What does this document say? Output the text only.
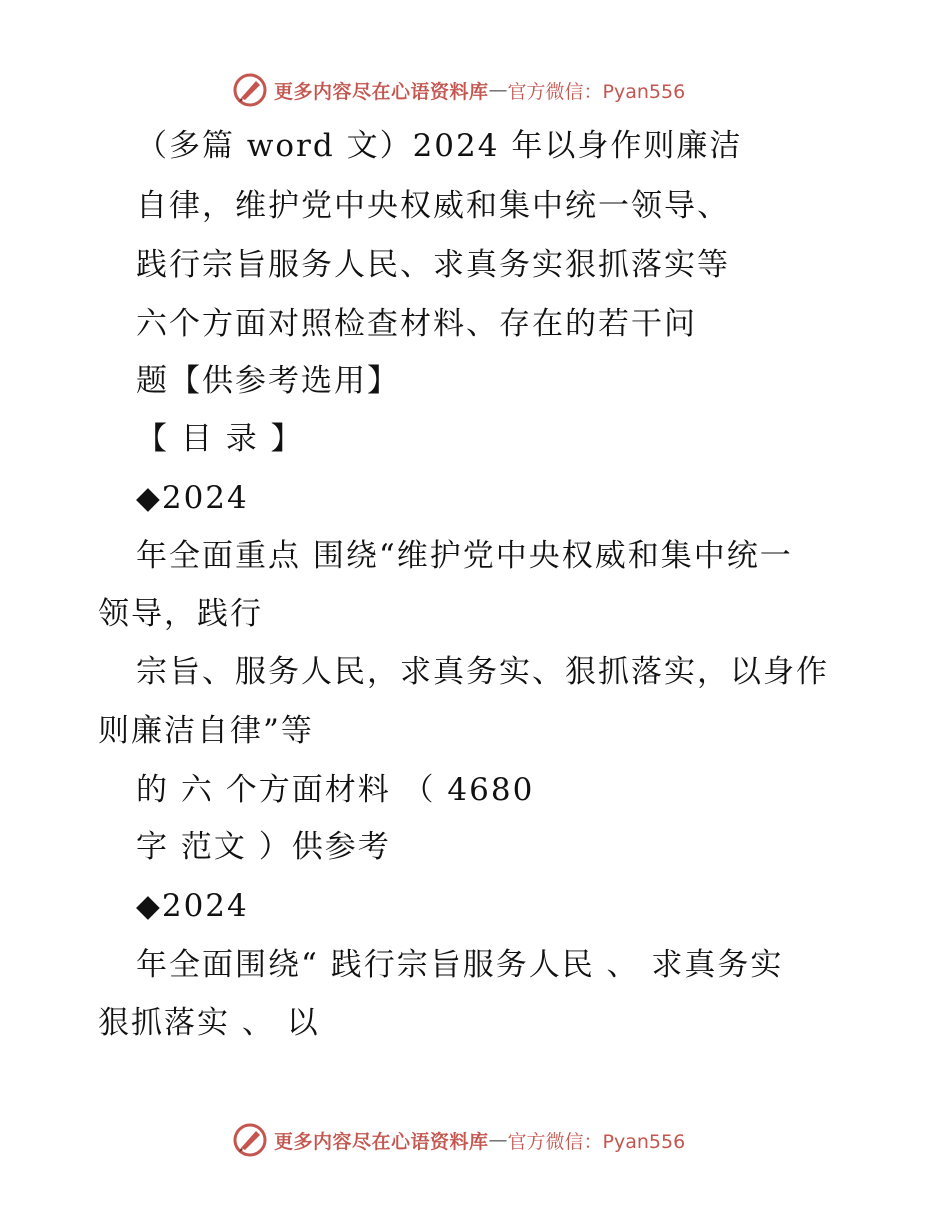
更多内容尽在心语资料库 — 官方微信：Pyan556
（多篇 word 文）2024 年以身作则廉洁
自律，维护党中央权威和集中统一领导、
践行宗旨服务人民、求真务实狠抓落实等
六个方面对照检查材料、存在的若干问
题【供参考选用】
【 目 录 】
◆2024
年全面重点 围绕“维护党中央权威和集中统一
领导，践行
宗旨、服务人民，求真务实、狠抓落实，以身作
则廉洁自律”等
的 六 个方面材料 （ 4680
字 范文 ）供参考
◆2024
年全面围绕“ 践行宗旨服务人民 、 求真务实
狠抓落实 、 以
更多内容尽在心语资料库 — 官方微信：Pyan556
